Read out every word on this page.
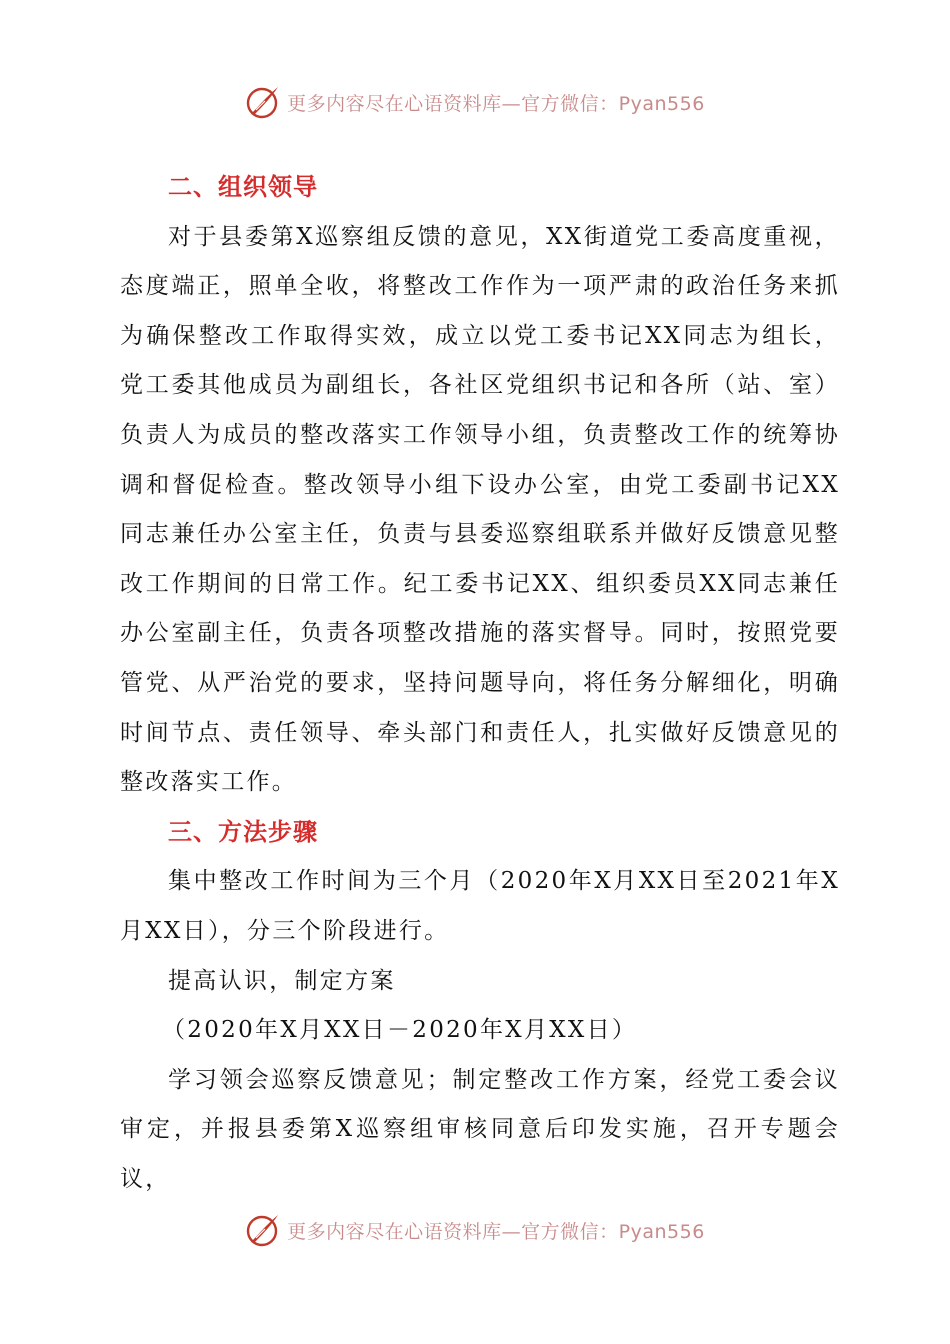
更多内容尽在心语资料库—官方微信：Pyan556

二、组织领导

对于县委第X巡察组反馈的意见，XX街道党工委高度重视，态度端正，照单全收，将整改工作作为一项严肃的政治任务来抓为确保整改工作取得实效，成立以党工委书记XX同志为组长，党工委其他成员为副组长，各社区党组织书记和各所（站、室）负责人为成员的整改落实工作领导小组，负责整改工作的统筹协调和督促检查。整改领导小组下设办公室，由党工委副书记XX同志兼任办公室主任，负责与县委巡察组联系并做好反馈意见整改工作期间的日常工作。纪工委书记XX、组织委员XX同志兼任办公室副主任，负责各项整改措施的落实督导。同时，按照党要管党、从严治党的要求，坚持问题导向，将任务分解细化，明确时间节点、责任领导、牵头部门和责任人，扎实做好反馈意见的整改落实工作。

三、方法步骤

集中整改工作时间为三个月（2020年X月XX日至2021年X月XX日），分三个阶段进行。

提高认识，制定方案

（2020年X月XX日－2020年X月XX日）

学习领会巡察反馈意见；制定整改工作方案，经党工委会议审定，并报县委第X巡察组审核同意后印发实施，召开专题会议，

更多内容尽在心语资料库—官方微信：Pyan556
